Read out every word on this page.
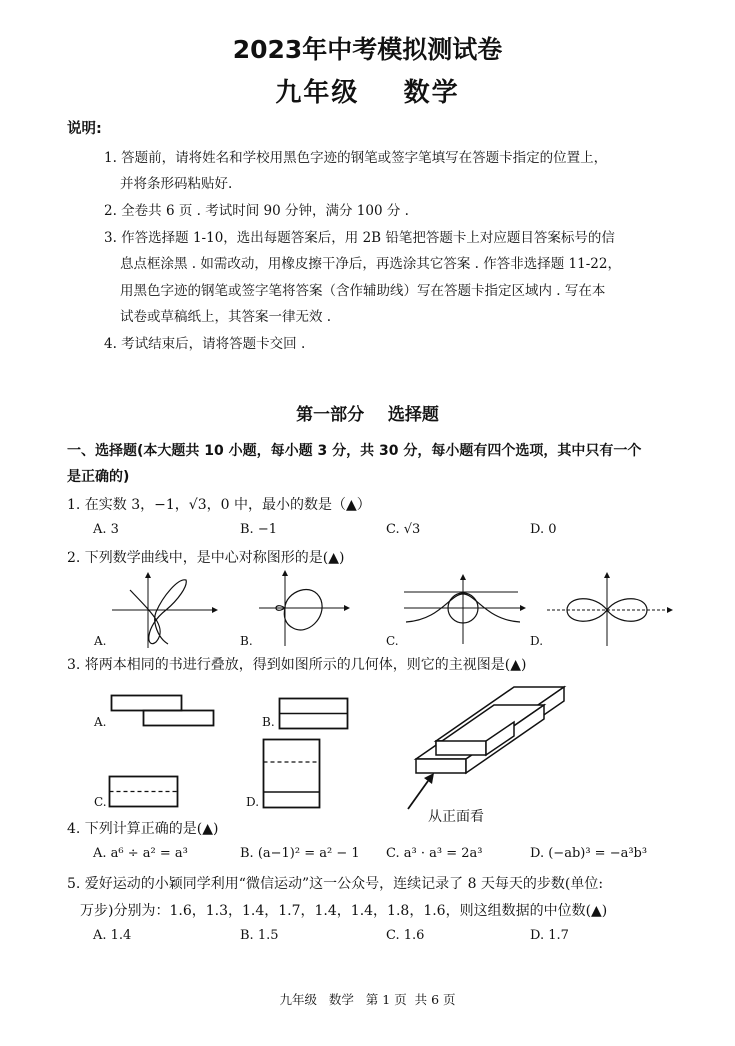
2023年中考模拟测试卷
九年级    数学
说明:
1. 答题前，请将姓名和学校用黑色字迹的钢笔或签字笔填写在答题卡指定的位置上，
并将条形码粘贴好.
2. 全卷共 6 页 . 考试时间 90 分钟，满分 100 分 .
3. 作答选择题 1-10，选出每题答案后，用 2B 铅笔把答题卡上对应题目答案标号的信
息点框涂黑 . 如需改动，用橡皮擦干净后，再选涂其它答案 . 作答非选择题 11-22，
用黑色字迹的钢笔或签字笔将答案（含作辅助线）写在答题卡指定区域内 . 写在本
试卷或草稿纸上，其答案一律无效 .
4. 考试结束后，请将答题卡交回 .
第一部分    选择题
一、选择题(本大题共 10 小题，每小题 3 分，共 30 分，每小题有四个选项，其中只有一个
是正确的)
1. 在实数 3，−1，√3，0 中，最小的数是（▲）
A. 3	B. −1	C. √3	D. 0
2. 下列数学曲线中，是中心对称图形的是(▲)
A.	B.	C.	D.
3. 将两本相同的书进行叠放，得到如图所示的几何体，则它的主视图是(▲)
A.	B.
C.	D.
从正面看
4. 下列计算正确的是(▲)
A. a⁶ ÷ a² = a³	B. (a−1)² = a² − 1 C. a³ · a³ = 2a³	D. (−ab)³ = −a³b³
5. 爱好运动的小颖同学利用“微信运动”这一公众号，连续记录了 8 天每天的步数(单位:
万步)分别为：1.6，1.3，1.4，1.7，1.4，1.4，1.8，1.6，则这组数据的中位数(▲)
A. 1.4	B. 1.5	C. 1.6	D. 1.7
九年级   数学   第 1 页  共 6 页
